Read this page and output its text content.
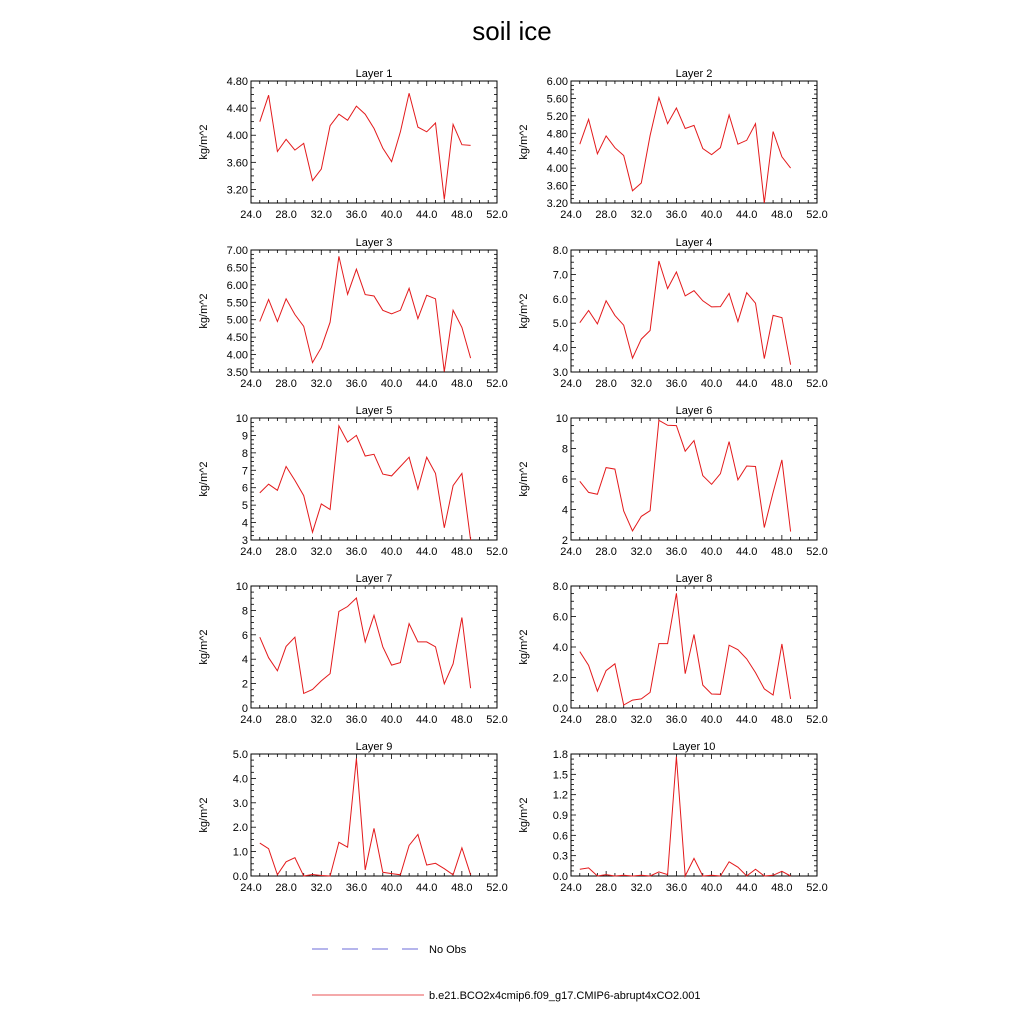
soil ice
Layer 1
kg/m^2
24.0 28.0 32.0 36.0 40.0 44.0 48.0 52.0
3.20
3.60
4.00
4.40
4.80
Layer 2
kg/m^2
24.0 28.0 32.0 36.0 40.0 44.0 48.0 52.0
3.20
3.60
4.00
4.40
4.80
5.20
5.60
6.00
Layer 3
kg/m^2
24.0 28.0 32.0 36.0 40.0 44.0 48.0 52.0
3.50
4.00
4.50
5.00
5.50
6.00
6.50
7.00
Layer 4
kg/m^2
24.0 28.0 32.0 36.0 40.0 44.0 48.0 52.0
3.0
4.0
5.0
6.0
7.0
8.0
Layer 5
kg/m^2
24.0 28.0 32.0 36.0 40.0 44.0 48.0 52.0
3
4
5
6
7
8
9
10
Layer 6
kg/m^2
24.0 28.0 32.0 36.0 40.0 44.0 48.0 52.0
2
4
6
8
10
Layer 7
kg/m^2
24.0 28.0 32.0 36.0 40.0 44.0 48.0 52.0
0
2
4
6
8
10
Layer 8
kg/m^2
24.0 28.0 32.0 36.0 40.0 44.0 48.0 52.0
0.0
2.0
4.0
6.0
8.0
Layer 9
kg/m^2
24.0 28.0 32.0 36.0 40.0 44.0 48.0 52.0
0.0
1.0
2.0
3.0
4.0
5.0
Layer 10
kg/m^2
24.0 28.0 32.0 36.0 40.0 44.0 48.0 52.0
0.0
0.3
0.6
0.9
1.2
1.5
1.8
No Obs
b.e21.BCO2x4cmip6.f09_g17.CMIP6-abrupt4xCO2.001
